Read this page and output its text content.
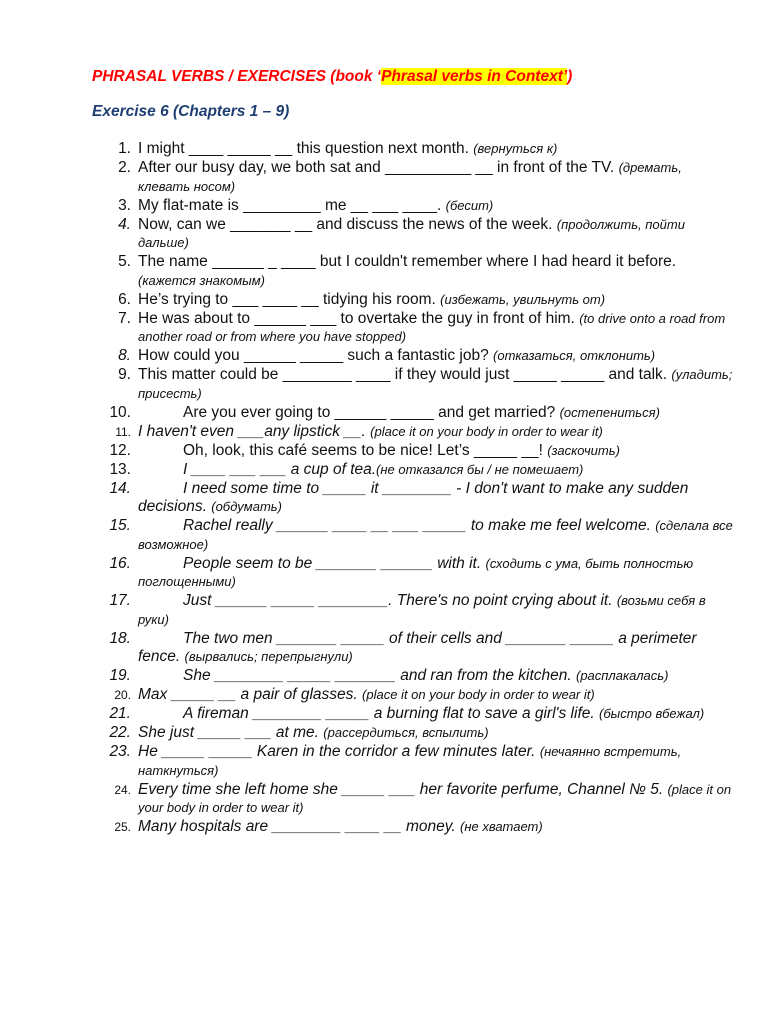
PHRASAL VERBS / EXERCISES (book ‘Phrasal verbs in Context’)
Exercise 6 (Chapters 1 – 9)
1. I might ____ _____ __ this question next month. (вернуться к)
2. After our busy day, we both sat and __________ __ in front of the TV. (дремать, клевать носом)
3. My flat-mate is _________ me __ ___ ____. (бесит)
4. Now, can we _______ __ and discuss the news of the week. (продолжить, пойти дальше)
5. The name ______ _ ____ but I couldn't remember where I had heard it before. (кажется знакомым)
6. He’s trying to ___ ____ __ tidying his room. (избежать, увильнуть от)
7. He was about to ______ ___ to overtake the guy in front of him. (to drive onto a road from another road or from where you have stopped)
8. How could you ______ _____ such a fantastic job? (отказаться, отклонить)
9. This matter could be ________ ____ if they would just _____ _____ and talk. (уладить; присесть)
10.	Are you ever going to ______ _____ and get married? (остепениться)
11. I haven't even ___any lipstick __. (place it on your body in order to wear it)
12.	Oh, look, this café seems to be nice! Let’s _____ __! (заскочить)
13.	I ____ ___ ___ a cup of tea.(не отказался бы / не помешает)
14.	I need some time to _____ it ________ - I don't want to make any sudden decisions. (обдумать)
15.	Rachel really ______ ____ __ ___ _____ to make me feel welcome. (сделала все возможное)
16.	People seem to be _______ ______ with it. (сходить с ума, быть полностью поглощенными)
17.	Just ______ _____ ________. There's no point crying about it. (возьми себя в руки)
18.	The two men _______ _____ of their cells and _______ _____ a perimeter fence. (вырвались; перепрыгнули)
19.	She ________ _____ _______ and ran from the kitchen. (расплакалась)
20. Max _____ __ a pair of glasses. (place it on your body in order to wear it)
21.	A fireman ________ _____ a burning flat to save a girl's life. (быстро вбежал)
22. She just _____ ___ at me. (рассердиться, вспылить)
23. He _____ _____ Karen in the corridor a few minutes later. (нечаянно встретить, наткнуться)
24. Every time she left home she _____ ___ her favorite perfume, Channel № 5. (place it on your body in order to wear it)
25. Many hospitals are ________ ____ __ money. (не хватает)
